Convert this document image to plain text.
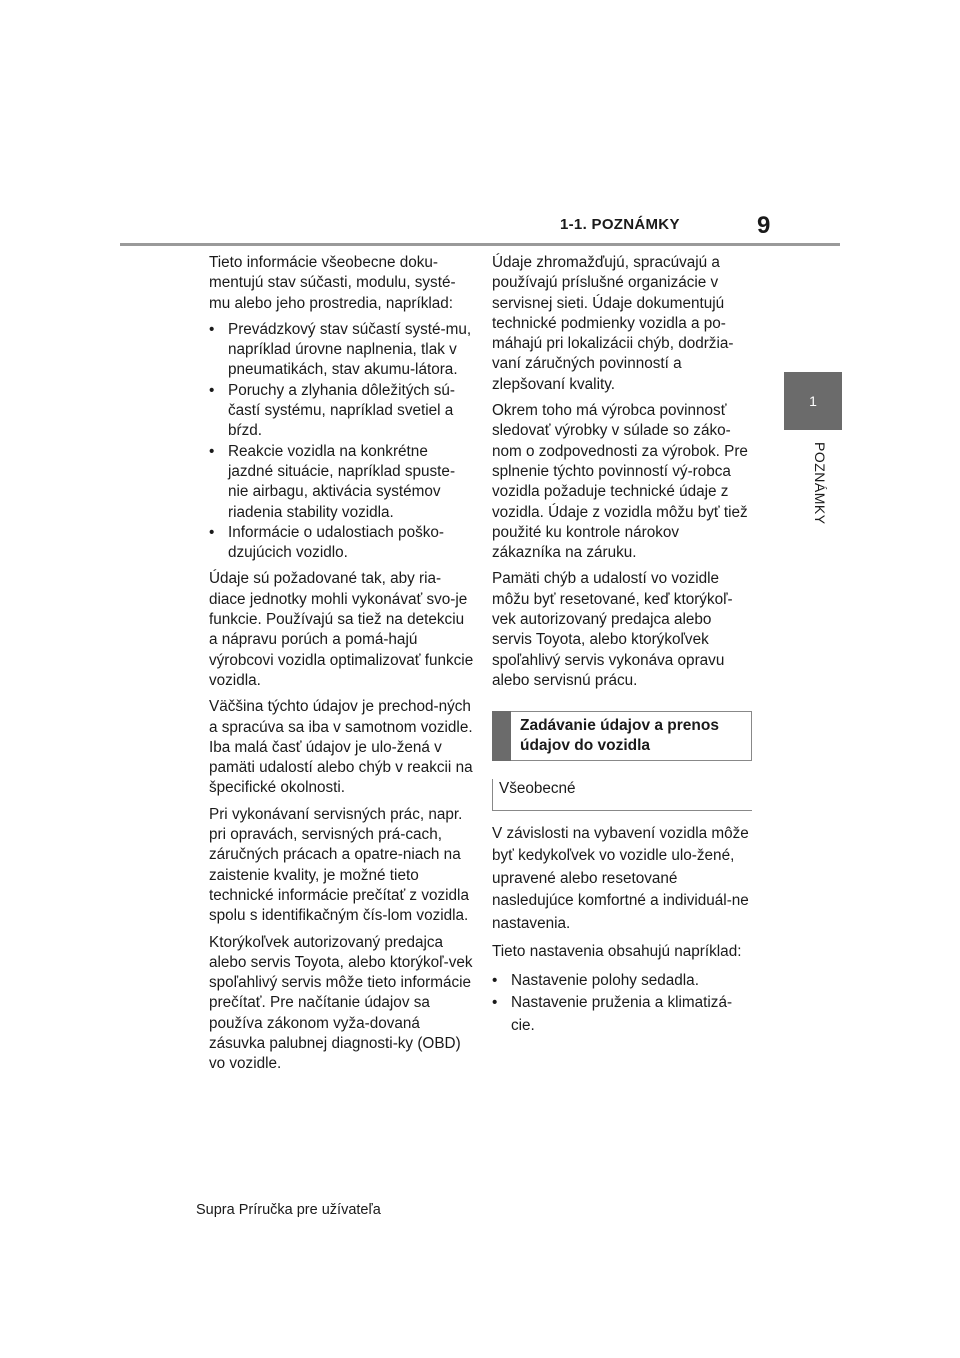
1-1. POZNÁMKY	9
1
POZNÁMKY

Tieto informácie všeobecne doku-mentujú stav súčasti, modulu, systé-mu alebo jeho prostredia, napríklad:

• Prevádzkový stav súčastí systé-mu, napríklad úrovne naplnenia, tlak v pneumatikách, stav akumu-látora.
• Poruchy a zlyhania dôležitých sú-častí systému, napríklad svetiel a bŕzd.
• Reakcie vozidla na konkrétne jazdné situácie, napríklad spuste-nie airbagu, aktivácia systémov riadenia stability vozidla.
• Informácie o udalostiach poško-dzujúcich vozidlo.

Údaje sú požadované tak, aby ria-diace jednotky mohli vykonávať svo-je funkcie. Používajú sa tiež na detekciu a nápravu porúch a pomá-hajú výrobcovi vozidla optimalizovať funkcie vozidla.

Väčšina týchto údajov je prechod-ných a spracúva sa iba v samotnom vozidle. Iba malá časť údajov je ulo-žená v pamäti udalostí alebo chýb v reakcii na špecifické okolnosti.

Pri vykonávaní servisných prác, napr. pri opravách, servisných prá-cach, záručných prácach a opatre-niach na zaistenie kvality, je možné tieto technické informácie prečítať z vozidla spolu s identifikačným čís-lom vozidla.

Ktorýkoľvek autorizovaný predajca alebo servis Toyota, alebo ktorýkoľ-vek spoľahlivý servis môže tieto informácie prečítať. Pre načítanie údajov sa používa zákonom vyža-dovaná zásuvka palubnej diagnosti-ky (OBD) vo vozidle.

Údaje zhromažďujú, spracúvajú a používajú príslušné organizácie v servisnej sieti. Údaje dokumentujú technické podmienky vozidla a po-máhajú pri lokalizácii chýb, dodržia-vaní záručných povinností a zlepšovaní kvality.

Okrem toho má výrobca povinnosť sledovať výrobky v súlade so záko-nom o zodpovednosti za výrobok. Pre splnenie týchto povinností vý-robca vozidla požaduje technické údaje z vozidla. Údaje z vozidla môžu byť tiež použité ku kontrole nárokov zákazníka na záruku.

Pamäti chýb a udalostí vo vozidle môžu byť resetované, keď ktorýkoľ-vek autorizovaný predajca alebo servis Toyota, alebo ktorýkoľvek spoľahlivý servis vykonáva opravu alebo servisnú prácu.

Zadávanie údajov a prenos údajov do vozidla
Všeobecné

V závislosti na vybavení vozidla môže byť kedykoľvek vo vozidle ulo-žené, upravené alebo resetované nasledujúce komfortné a individuál-ne nastavenia.

Tieto nastavenia obsahujú napríklad:

• Nastavenie polohy sedadla.
• Nastavenie pruženia a klimatizá-cie.
Supra Príručka pre užívateľa
